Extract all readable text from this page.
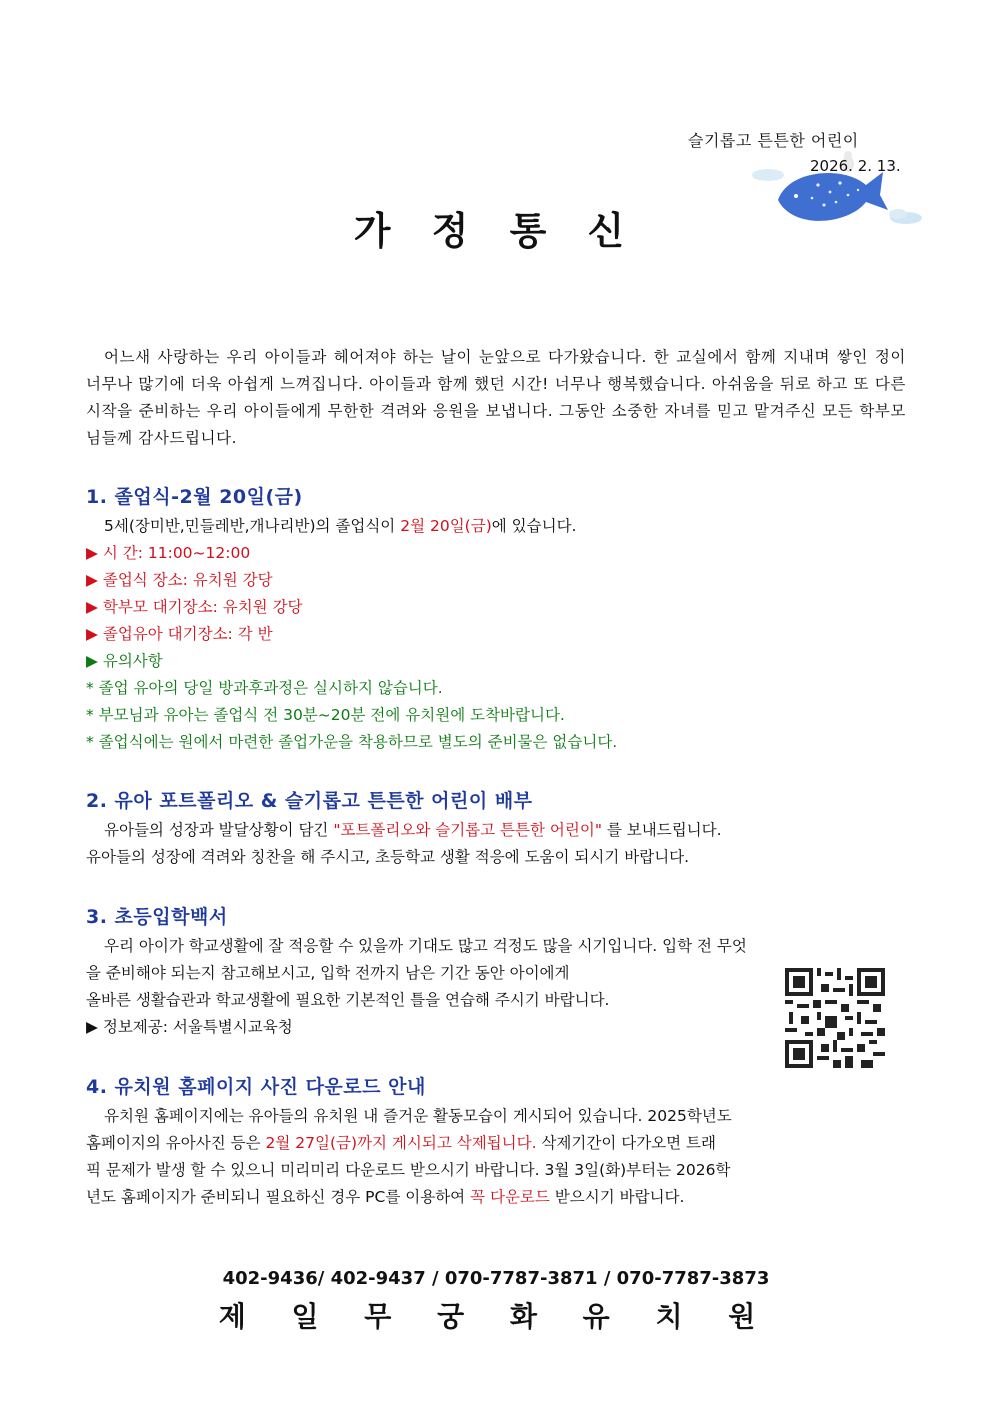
슬기롭고 튼튼한 어린이
2026. 2. 13.
가 정 통 신

어느새 사랑하는 우리 아이들과 헤어져야 하는 날이 눈앞으로 다가왔습니다. 한 교실에서 함께 지내며 쌓인 정이 너무나 많기에 더욱 아쉽게 느껴집니다. 아이들과 함께 했던 시간! 너무나 행복했습니다. 아쉬움을 뒤로 하고 또 다른 시작을 준비하는 우리 아이들에게 무한한 격려와 응원을 보냅니다. 그동안 소중한 자녀를 믿고 맡겨주신 모든 학부모님들께 감사드립니다.

1. 졸업식-2월 20일(금)
5세(장미반,민들레반,개나리반)의 졸업식이 2월 20일(금)에 있습니다.
▶ 시 간: 11:00~12:00
▶ 졸업식 장소: 유치원 강당
▶ 학부모 대기장소: 유치원 강당
▶ 졸업유아 대기장소: 각 반
▶ 유의사항
* 졸업 유아의 당일 방과후과정은 실시하지 않습니다.
* 부모님과 유아는 졸업식 전 30분~20분 전에 유치원에 도착바랍니다.
* 졸업식에는 원에서 마련한 졸업가운을 착용하므로 별도의 준비물은 없습니다.
2. 유아 포트폴리오 & 슬기롭고 튼튼한 어린이 배부
유아들의 성장과 발달상황이 담긴 "포트폴리오와 슬기롭고 튼튼한 어린이" 를 보내드립니다.
유아들의 성장에 격려와 칭찬을 해 주시고, 초등학교 생활 적응에 도움이 되시기 바랍니다.
3. 초등입학백서
우리 아이가 학교생활에 잘 적응할 수 있을까 기대도 많고 걱정도 많을 시기입니다. 입학 전 무엇
을 준비해야 되는지 참고해보시고, 입학 전까지 남은 기간 동안 아이에게
올바른 생활습관과 학교생활에 필요한 기본적인 틀을 연습해 주시기 바랍니다.
▶ 정보제공: 서울특별시교육청
4. 유치원 홈페이지 사진 다운로드 안내
유치원 홈페이지에는 유아들의 유치원 내 즐거운 활동모습이 게시되어 있습니다. 2025학년도
홈페이지의 유아사진 등은 2월 27일(금)까지 게시되고 삭제됩니다. 삭제기간이 다가오면 트래
픽 문제가 발생 할 수 있으니 미리미리 다운로드 받으시기 바랍니다. 3월 3일(화)부터는 2026학
년도 홈페이지가 준비되니 필요하신 경우 PC를 이용하여 꼭 다운로드 받으시기 바랍니다.
402-9436/ 402-9437 / 070-7787-3871 / 070-7787-3873
제 일 무 궁 화 유 치 원
